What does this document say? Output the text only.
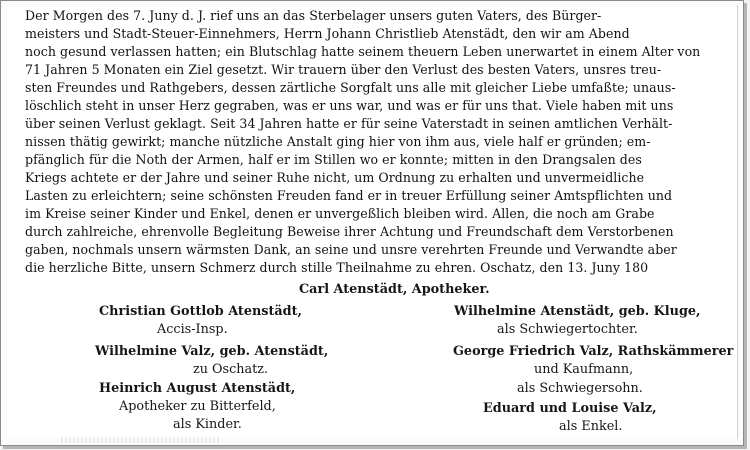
Der Morgen des 7. Juny d. J. rief uns an das Sterbelager unsers guten Vaters, des Bürger-
meisters und Stadt-Steuer-Einnehmers, Herrn Johann Christlieb Atenstädt, den wir am Abend
noch gesund verlassen hatten; ein Blutschlag hatte seinem theuern Leben unerwartet in einem Alter von
71 Jahren 5 Monaten ein Ziel gesetzt. Wir trauern über den Verlust des besten Vaters, unsres treu-
sten Freundes und Rathgebers, dessen zärtliche Sorgfalt uns alle mit gleicher Liebe umfaßte; unaus-
löschlich steht in unser Herz gegraben, was er uns war, und was er für uns that. Viele haben mit uns
über seinen Verlust geklagt. Seit 34 Jahren hatte er für seine Vaterstadt in seinen amtlichen Verhält-
nissen thätig gewirkt; manche nützliche Anstalt ging hier von ihm aus, viele half er gründen; em-
pfänglich für die Noth der Armen, half er im Stillen wo er konnte; mitten in den Drangsalen des
Kriegs achtete er der Jahre und seiner Ruhe nicht, um Ordnung zu erhalten und unvermeidliche
Lasten zu erleichtern; seine schönsten Freuden fand er in treuer Erfüllung seiner Amtspflichten und
im Kreise seiner Kinder und Enkel, denen er unvergeßlich bleiben wird. Allen, die noch am Grabe
durch zahlreiche, ehrenvolle Begleitung Beweise ihrer Achtung und Freundschaft dem Verstorbenen
gaben, nochmals unsern wärmsten Dank, an seine und unsre verehrten Freunde und Verwandte aber
die herzliche Bitte, unsern Schmerz durch stille Theilnahme zu ehren. Oschatz, den 13. Juny 180
Carl Atenstädt, Apotheker.
Christian Gottlob Atenstädt,
Accis-Insp.
Wilhelmine Valz, geb. Atenstädt,
zu Oschatz.
Heinrich August Atenstädt,
Apotheker zu Bitterfeld,
als Kinder.
Wilhelmine Atenstädt, geb. Kluge,
als Schwiegertochter.
George Friedrich Valz, Rathskämmerer
und Kaufmann,
als Schwiegersohn.
Eduard und Louise Valz,
als Enkel.
